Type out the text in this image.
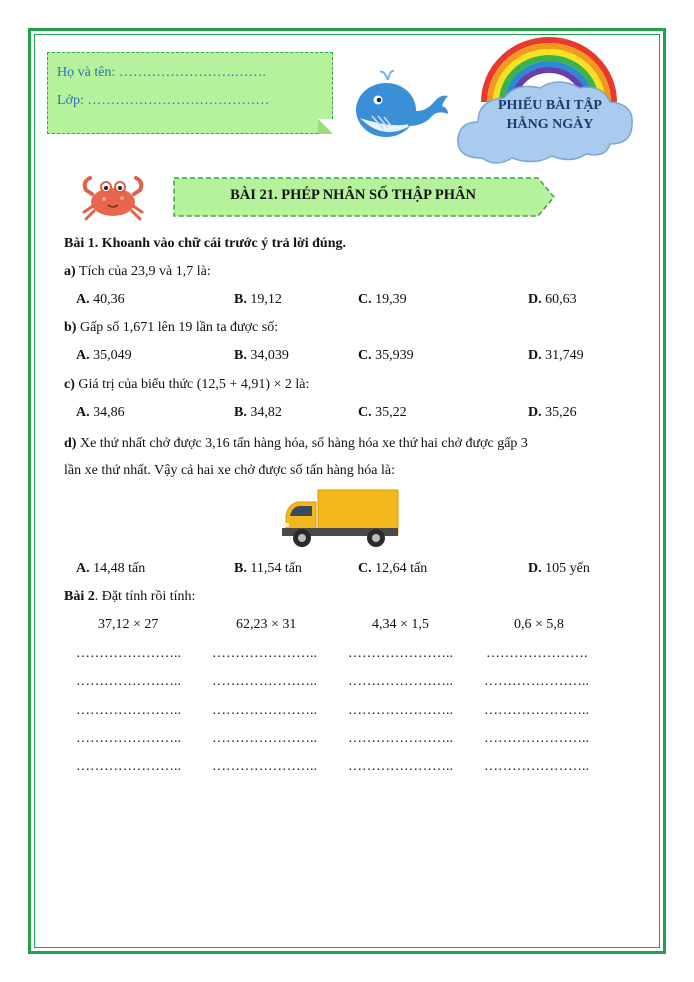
Họ và tên: …………………….…….
Lớp: …………………………………	PHIẾU BÀI TẬP
HẰNG NGÀY
BÀI 21. PHÉP NHÂN SỐ THẬP PHÂN
Bài 1. Khoanh vào chữ cái trước ý trả lời đúng.
a) Tích của 23,9 và 1,7 là:
A. 40,36	B. 19,12	C. 19,39	D. 60,63
b) Gấp số 1,671 lên 19 lần ta được số:
A. 35,049	B. 34,039	C. 35,939	D. 31,749
c) Giá trị của biểu thức (12,5 + 4,91) × 2 là:
A. 34,86	B. 34,82	C. 35,22	D. 35,26
d) Xe thứ nhất chở được 3,16 tấn hàng hóa, số hàng hóa xe thứ hai chở được gấp 3
lần xe thứ nhất. Vậy cả hai xe chở được số tấn hàng hóa là:
A. 14,48 tấn	B. 11,54 tấn	C. 12,64 tấn	D. 105 yến
Bài 2. Đặt tính rồi tính:
37,12 × 27	62,23 × 31	4,34 × 1,5	0,6 × 5,8
………………….. ………………….. ………………….. ………………….
………………….. ………………….. ………………….. …………………..
………………….. ………………….. ………………….. …………………..
………………….. ………………….. ………………….. …………………..
………………….. ………………….. ………………….. …………………..
